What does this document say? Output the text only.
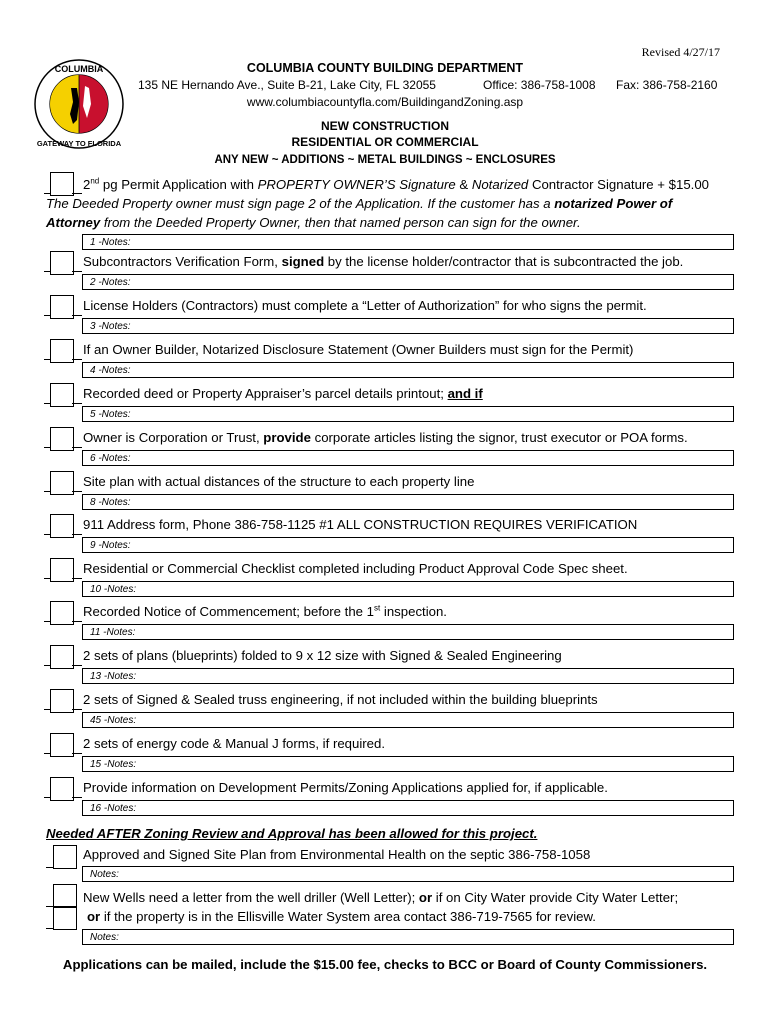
Revised 4/27/17
COLUMBIA
GATEWAY TO FLORIDA
COLUMBIA COUNTY BUILDING DEPARTMENT
135 NE Hernando Ave., Suite B-21, Lake City, FL 32055	Office: 386-758-1008 Fax: 386-758-2160
www.columbiacountyfla.com/BuildingandZoning.asp
NEW CONSTRUCTION
RESIDENTIAL OR COMMERCIAL
ANY NEW ~ ADDITIONS ~ METAL BUILDINGS ~ ENCLOSURES
2nd pg Permit Application with PROPERTY OWNER’S Signature & Notarized Contractor Signature + $15.00
The Deeded Property owner must sign page 2 of the Application. If the customer has a notarized Power of
Attorney from the Deeded Property Owner, then that named person can sign for the owner.
1 -Notes:
Subcontractors Verification Form, signed by the license holder/contractor that is subcontracted the job.
2 -Notes:
License Holders (Contractors) must complete a “Letter of Authorization” for who signs the permit.
3 -Notes:
If an Owner Builder, Notarized Disclosure Statement (Owner Builders must sign for the Permit)
4 -Notes:
Recorded deed or Property Appraiser’s parcel details printout; and if
5 -Notes:
Owner is Corporation or Trust, provide corporate articles listing the signor, trust executor or POA forms.
6 -Notes:
Site plan with actual distances of the structure to each property line
8 -Notes:
911 Address form, Phone 386-758-1125 #1 ALL CONSTRUCTION REQUIRES VERIFICATION
9 -Notes:
Residential or Commercial Checklist completed including Product Approval Code Spec sheet.
10 -Notes:
Recorded Notice of Commencement; before the 1st inspection.
11 -Notes:
2 sets of plans (blueprints) folded to 9 x 12 size with Signed & Sealed Engineering
13 -Notes:
2 sets of Signed & Sealed truss engineering, if not included within the building blueprints
45 -Notes:
2 sets of energy code & Manual J forms, if required.
15 -Notes:
Provide information on Development Permits/Zoning Applications applied for, if applicable.
16 -Notes:
Needed AFTER Zoning Review and Approval has been allowed for this project.
Approved and Signed Site Plan from Environmental Health on the septic 386-758-1058
Notes:
New Wells need a letter from the well driller (Well Letter); or if on City Water provide City Water Letter;
or if the property is in the Ellisville Water System area contact 386-719-7565 for review.
Notes:
Applications can be mailed, include the $15.00 fee, checks to BCC or Board of County Commissioners.
